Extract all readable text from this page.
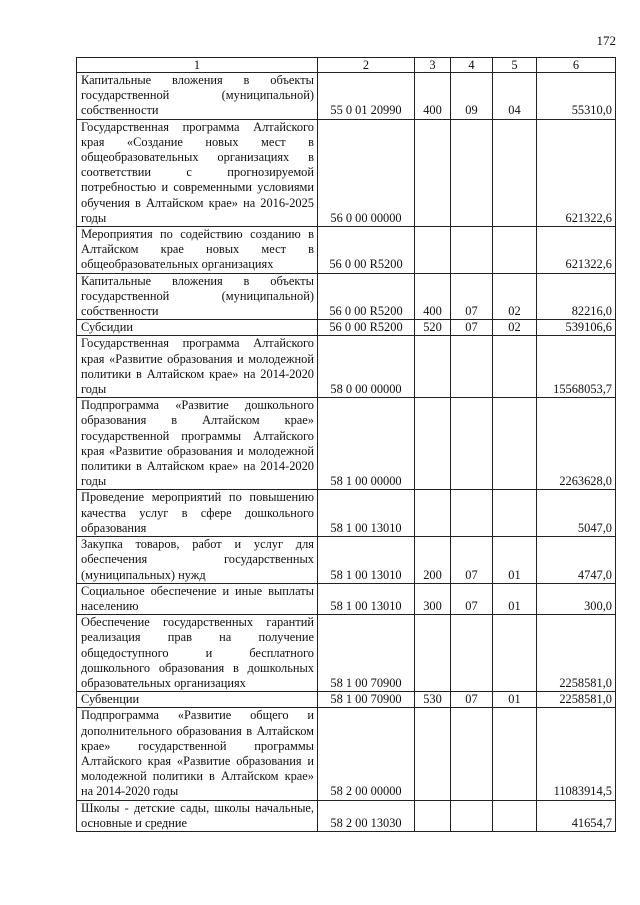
172
1	2	3	4	5	6
Капитальные вложения в объекты государственной (муниципальной) собственности	55 0 01 20990	400	09	04	55310,0
Государственная программа Алтайского края «Создание новых мест в общеобразовательных организациях в соответствии с прогнозируемой потребностью и современными условиями обучения в Алтайском крае» на 2016-2025 годы	56 0 00 00000				621322,6
Мероприятия по содействию созданию в Алтайском крае новых мест в общеобразовательных организациях	56 0 00 R5200				621322,6
Капитальные вложения в объекты государственной (муниципальной) собственности	56 0 00 R5200	400	07	02	82216,0
Субсидии	56 0 00 R5200	520	07	02	539106,6
Государственная программа Алтайского края «Развитие образования и молодежной политики в Алтайском крае» на 2014-2020 годы	58 0 00 00000				15568053,7
Подпрограмма «Развитие дошкольного образования в Алтайском крае» государственной программы Алтайского края «Развитие образования и молодежной политики в Алтайском крае» на 2014-2020 годы	58 1 00 00000				2263628,0
Проведение мероприятий по повышению качества услуг в сфере дошкольного образования	58 1 00 13010				5047,0
Закупка товаров, работ и услуг для обеспечения государственных (муниципальных) нужд	58 1 00 13010	200	07	01	4747,0
Социальное обеспечение и иные выплаты населению	58 1 00 13010	300	07	01	300,0
Обеспечение государственных гарантий реализация прав на получение общедоступного и бесплатного дошкольного образования в дошкольных образовательных организациях	58 1 00 70900				2258581,0
Субвенции	58 1 00 70900	530	07	01	2258581,0
Подпрограмма «Развитие общего и дополнительного образования в Алтайском крае» государственной программы Алтайского края «Развитие образования и молодежной политики в Алтайском крае» на 2014-2020 годы	58 2 00 00000				11083914,5
Школы - детские сады, школы начальные, основные и средние	58 2 00 13030				41654,7
